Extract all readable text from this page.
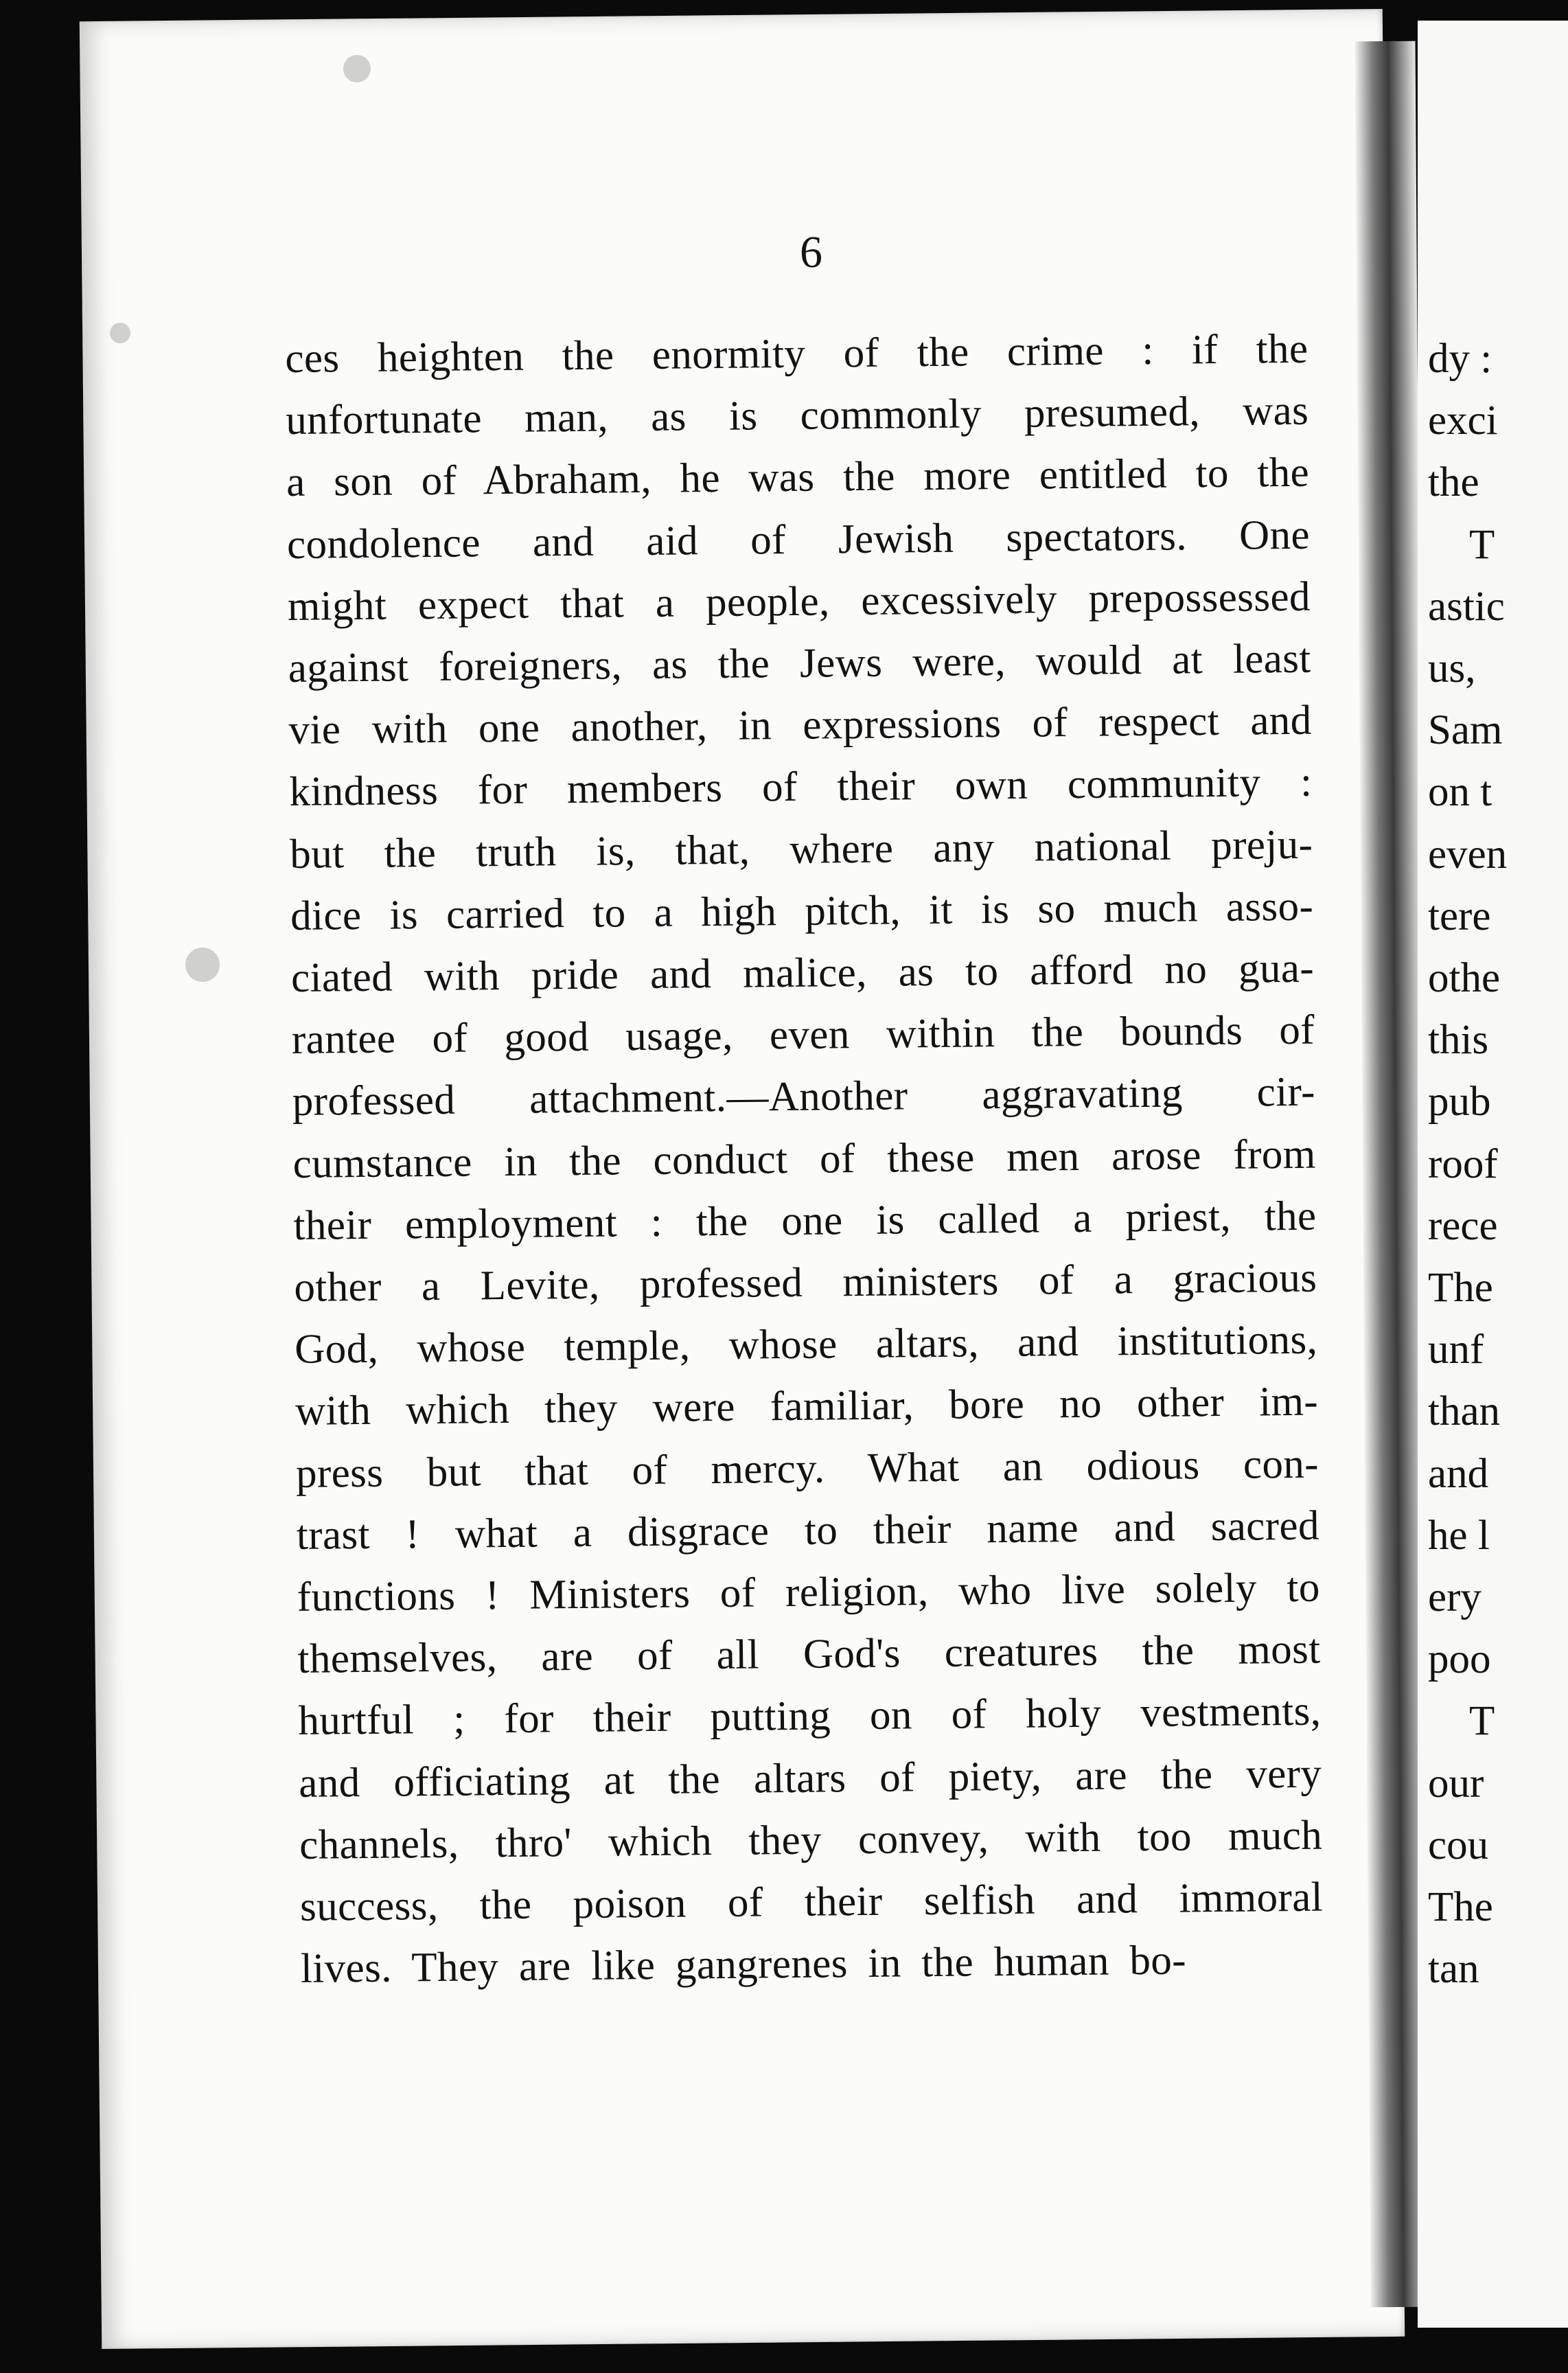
6
ces heighten the enormity of the crime : if the
unfortunate man, as is commonly presumed, was
a son of Abraham, he was the more entitled to the
condolence and aid of Jewish spectators. One
might expect that a people, excessively prepossessed
against foreigners, as the Jews were, would at least
vie with one another, in expressions of respect and
kindness for members of their own community :
but the truth is, that, where any national preju-
dice is carried to a high pitch, it is so much asso-
ciated with pride and malice, as to afford no gua-
rantee of good usage, even within the bounds of
professed attachment.—Another aggravating cir-
cumstance in the conduct of these men arose from
their employment : the one is called a priest, the
other a Levite, professed ministers of a gracious
God, whose temple, whose altars, and institutions,
with which they were familiar, bore no other im-
press but that of mercy. What an odious con-
trast ! what a disgrace to their name and sacred
functions ! Ministers of religion, who live solely to
themselves, are of all God's creatures the most
hurtful ; for their putting on of holy vestments,
and officiating at the altars of piety, are the very
channels, thro' which they convey, with too much
success, the poison of their selfish and immoral
lives. They are like gangrenes in the human bo-
dy :
exci
the
T
astic
us,
Sam
on t
even
tere
othe
this
pub
roof
rece
The
unf
than
and
he l
ery
poo
T
our
cou
The
tan
